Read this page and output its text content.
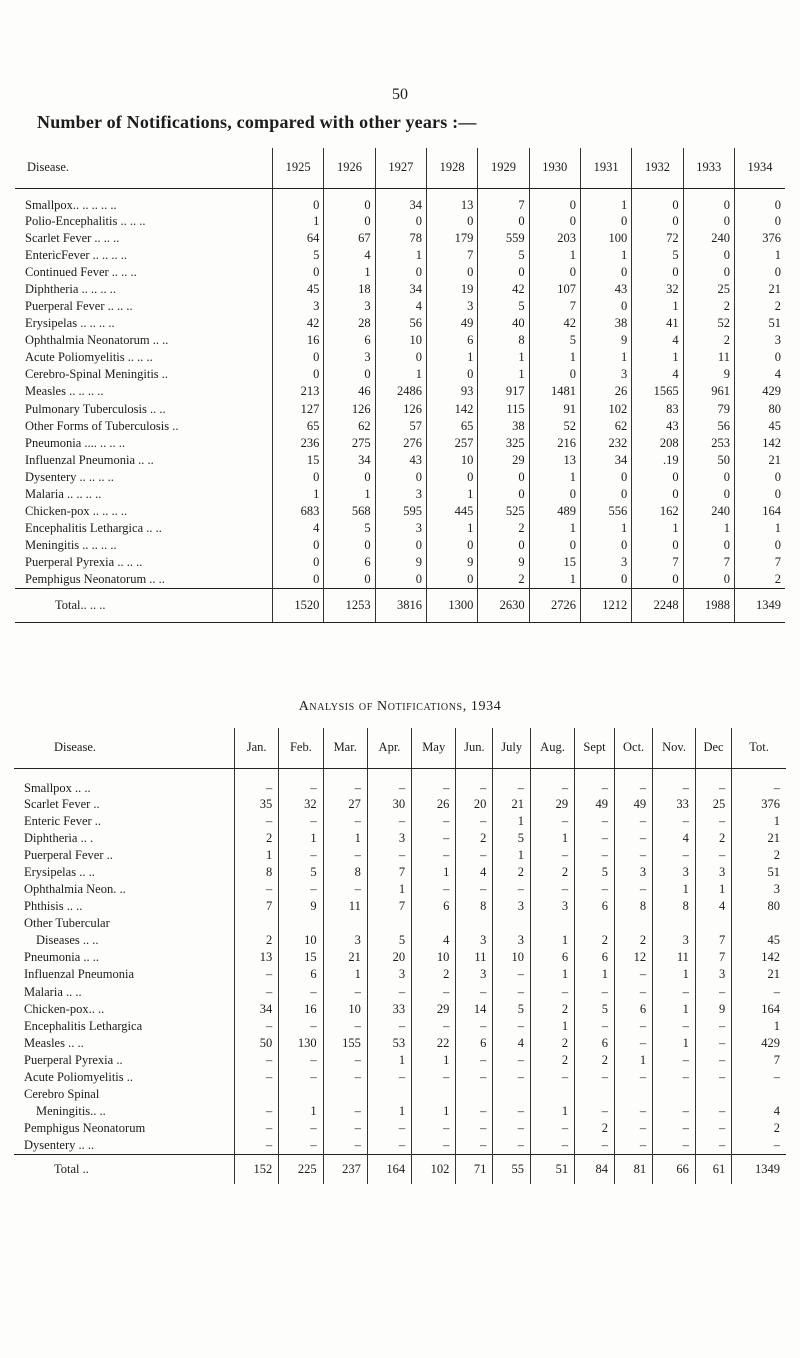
50
Number of Notifications, compared with other years :—
Disease.	1925	1926	1927	1928	1929	1930	1931	1932	1933	1934
Smallpox.. .. .. .. ..	0	0	34	13	7	0	1	0	0	0
Polio-Encephalitis .. .. ..	1	0	0	0	0	0	0	0	0	0
Scarlet Fever .. .. ..	64	67	78	179	559	203	100	72	240	376
EntericFever .. .. .. ..	5	4	1	7	5	1	1	5	0	1
Continued Fever .. .. ..	0	1	0	0	0	0	0	0	0	0
Diphtheria .. .. .. ..	45	18	34	19	42	107	43	32	25	21
Puerperal Fever .. .. ..	3	3	4	3	5	7	0	1	2	2
Erysipelas .. .. .. ..	42	28	56	49	40	42	38	41	52	51
Ophthalmia Neonatorum .. ..	16	6	10	6	8	5	9	4	2	3
Acute Poliomyelitis .. .. ..	0	3	0	1	1	1	1	1	11	0
Cerebro-Spinal Meningitis ..	0	0	1	0	1	0	3	4	9	4
Measles .. .. .. ..	213	46	2486	93	917	1481	26	1565	961	429
Pulmonary Tuberculosis .. ..	127	126	126	142	115	91	102	83	79	80
Other Forms of Tuberculosis ..	65	62	57	65	38	52	62	43	56	45
Pneumonia .... .. .. ..	236	275	276	257	325	216	232	208	253	142
Influenzal Pneumonia .. ..	15	34	43	10	29	13	34	.19	50	21
Dysentery .. .. .. ..	0	0	0	0	0	1	0	0	0	0
Malaria .. .. .. ..	1	1	3	1	0	0	0	0	0	0
Chicken-pox .. .. .. ..	683	568	595	445	525	489	556	162	240	164
Encephalitis Lethargica .. ..	4	5	3	1	2	1	1	1	1	1
Meningitis .. .. .. ..	0	0	0	0	0	0	0	0	0	0
Puerperal Pyrexia .. .. ..	0	6	9	9	9	15	3	7	7	7
Pemphigus Neonatorum .. ..	0	0	0	0	2	1	0	0	0	2
Total.. .. ..	1520	1253	3816	1300	2630	2726	1212	2248	1988	1349
Analysis of Notifications, 1934
Disease.	Jan.	Feb.	Mar.	Apr.	May	Jun.	July	Aug.	Sept	Oct.	Nov.	Dec	Tot.
Smallpox .. ..	–	–	–	–	–	–	–	–	–	–	–	–	–
Scarlet Fever ..	35	32	27	30	26	20	21	29	49	49	33	25	376
Enteric Fever ..	–	–	–	–	–	–	1	–	–	–	–	–	1
Diphtheria .. .	2	1	1	3	–	2	5	1	–	–	4	2	21
Puerperal Fever ..	1	–	–	–	–	–	1	–	–	–	–	–	2
Erysipelas .. ..	8	5	8	7	1	4	2	2	5	3	3	3	51
Ophthalmia Neon. ..	–	–	–	1	–	–	–	–	–	–	1	1	3
Phthisis .. ..	7	9	11	7	6	8	3	3	6	8	8	4	80
Other Tubercular													
Diseases .. ..	2	10	3	5	4	3	3	1	2	2	3	7	45
Pneumonia .. ..	13	15	21	20	10	11	10	6	6	12	11	7	142
Influenzal Pneumonia	–	6	1	3	2	3	–	1	1	–	1	3	21
Malaria .. ..	–	–	–	–	–	–	–	–	–	–	–	–	–
Chicken-pox.. ..	34	16	10	33	29	14	5	2	5	6	1	9	164
Encephalitis Lethargica	–	–	–	–	–	–	–	1	–	–	–	–	1
Measles .. ..	50	130	155	53	22	6	4	2	6	–	1	–	429
Puerperal Pyrexia ..	–	–	–	1	1	–	–	2	2	1	–	–	7
Acute Poliomyelitis ..	–	–	–	–	–	–	–	–	–	–	–	–	–
Cerebro Spinal													
Meningitis.. ..	–	1	–	1	1	–	–	1	–	–	–	–	4
Pemphigus Neonatorum	–	–	–	–	–	–	–	–	2	–	–	–	2
Dysentery .. ..	–	–	–	–	–	–	–	–	–	–	–	–	–
Total ..	152	225	237	164	102	71	55	51	84	81	66	61	1349
